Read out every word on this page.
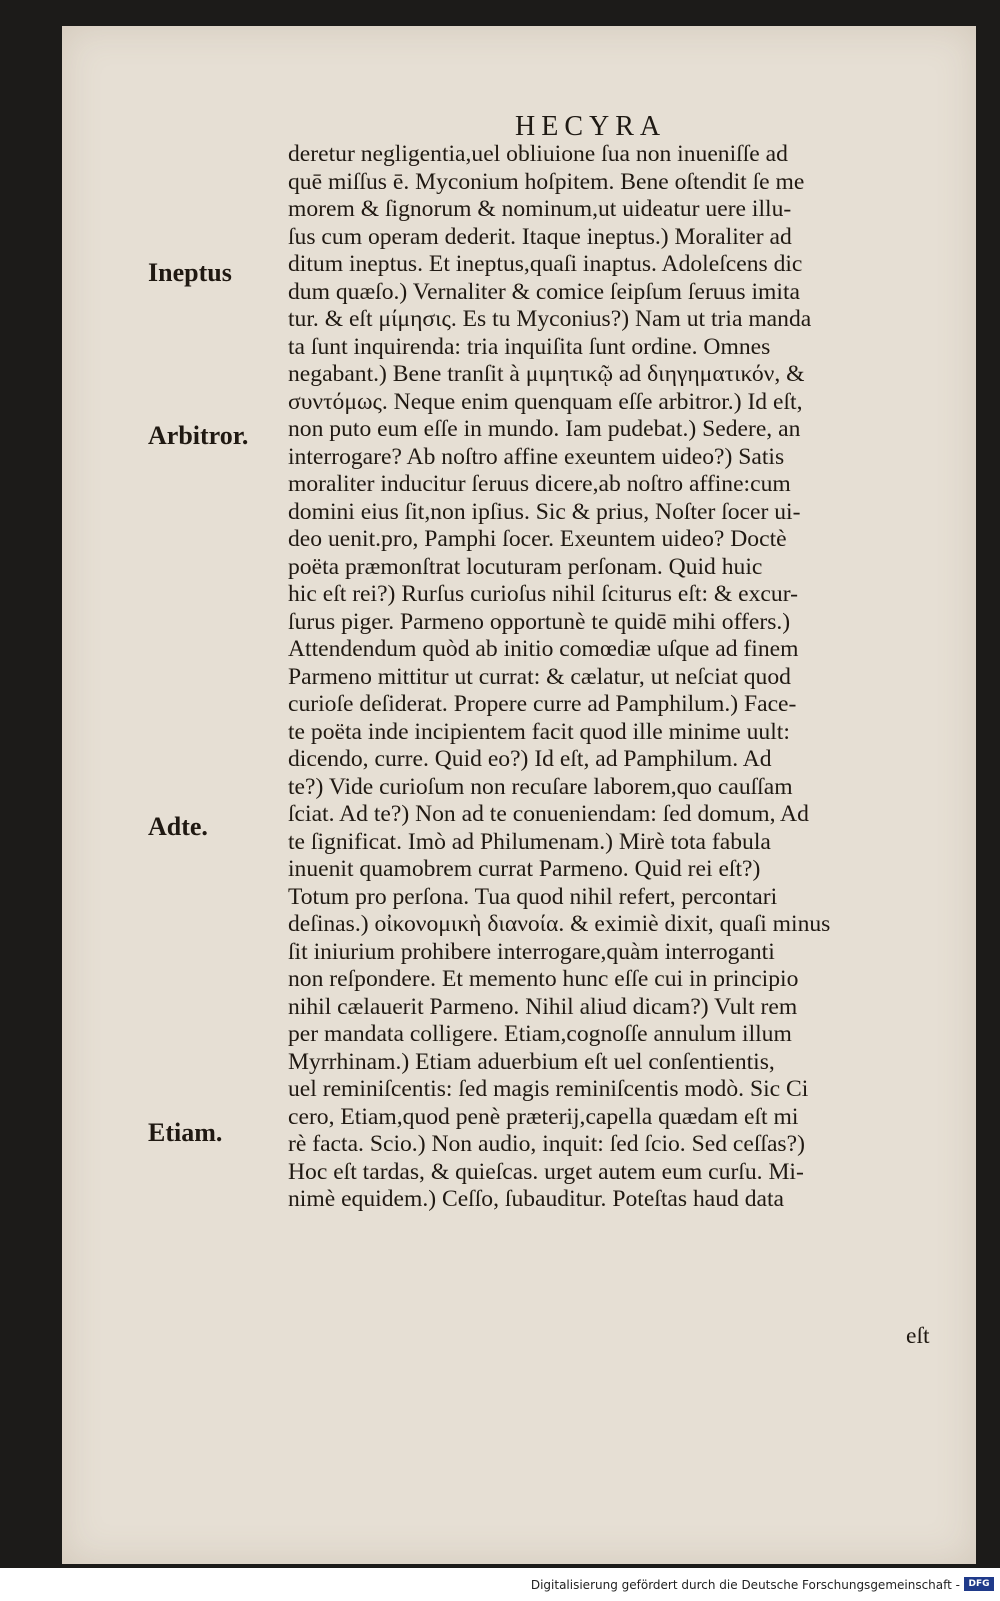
HECYRA
Ineptus
Arbitror.
Adte.
Etiam.
deretur negligentia,uel obliuione ſua non inueniſſe ad
quē miſſus ē. Myconium hoſpitem. Bene oſtendit ſe me
morem & ſignorum & nominum,ut uideatur uere illu-
ſus cum operam dederit. Itaque ineptus.) Moraliter ad
ditum ineptus. Et ineptus,quaſi inaptus. Adoleſcens dic
dum quæſo.) Vernaliter & comice ſeipſum ſeruus imita
tur. & eſt μίμησις. Es tu Myconius?) Nam ut tria manda
ta ſunt inquirenda: tria inquiſita ſunt ordine. Omnes
negabant.) Bene tranſit à μιμητικῷ ad διηγηματικόν, &
συντόμως. Neque enim quenquam eſſe arbitror.) Id eſt,
non puto eum eſſe in mundo. Iam pudebat.) Sedere, an
interrogare? Ab noſtro affine exeuntem uideo?) Satis
moraliter inducitur ſeruus dicere,ab noſtro affine:cum
domini eius ſit,non ipſius. Sic & prius, Noſter ſocer ui-
deo uenit.pro, Pamphi ſocer. Exeuntem uideo? Doctè
poëta præmonſtrat locuturam perſonam. Quid huic
hic eſt rei?) Rurſus curioſus nihil ſciturus eſt: & excur-
ſurus piger. Parmeno opportunè te quidē mihi offers.)
Attendendum quòd ab initio comœdiæ uſque ad finem
Parmeno mittitur ut currat: & cælatur, ut neſciat quod
curioſe deſiderat. Propere curre ad Pamphilum.) Face-
te poëta inde incipientem facit quod ille minime uult:
dicendo, curre. Quid eo?) Id eſt, ad Pamphilum. Ad
te?) Vide curioſum non recuſare laborem,quo cauſſam
ſciat. Ad te?) Non ad te conueniendam: ſed domum, Ad
te ſignificat. Imò ad Philumenam.) Mirè tota fabula
inuenit quamobrem currat Parmeno. Quid rei eſt?)
Totum pro perſona. Tua quod nihil refert, percontari
deſinas.) οἰκονομικὴ διανοία. & eximiè dixit, quaſi minus
ſit iniurium prohibere interrogare,quàm interroganti
non reſpondere. Et memento hunc eſſe cui in principio
nihil cælauerit Parmeno. Nihil aliud dicam?) Vult rem
per mandata colligere. Etiam,cognoſſe annulum illum
Myrrhinam.) Etiam aduerbium eſt uel conſentientis,
uel reminiſcentis: ſed magis reminiſcentis modò. Sic Ci
cero, Etiam,quod penè præterij,capella quædam eſt mi
rè facta. Scio.) Non audio, inquit: ſed ſcio. Sed ceſſas?)
Hoc eſt tardas, & quieſcas. urget autem eum curſu. Mi-
nimè equidem.) Ceſſo, ſubauditur. Poteſtas haud data
eſt
Digitalisierung gefördert durch die Deutsche Forschungsgemeinschaft - DFG
